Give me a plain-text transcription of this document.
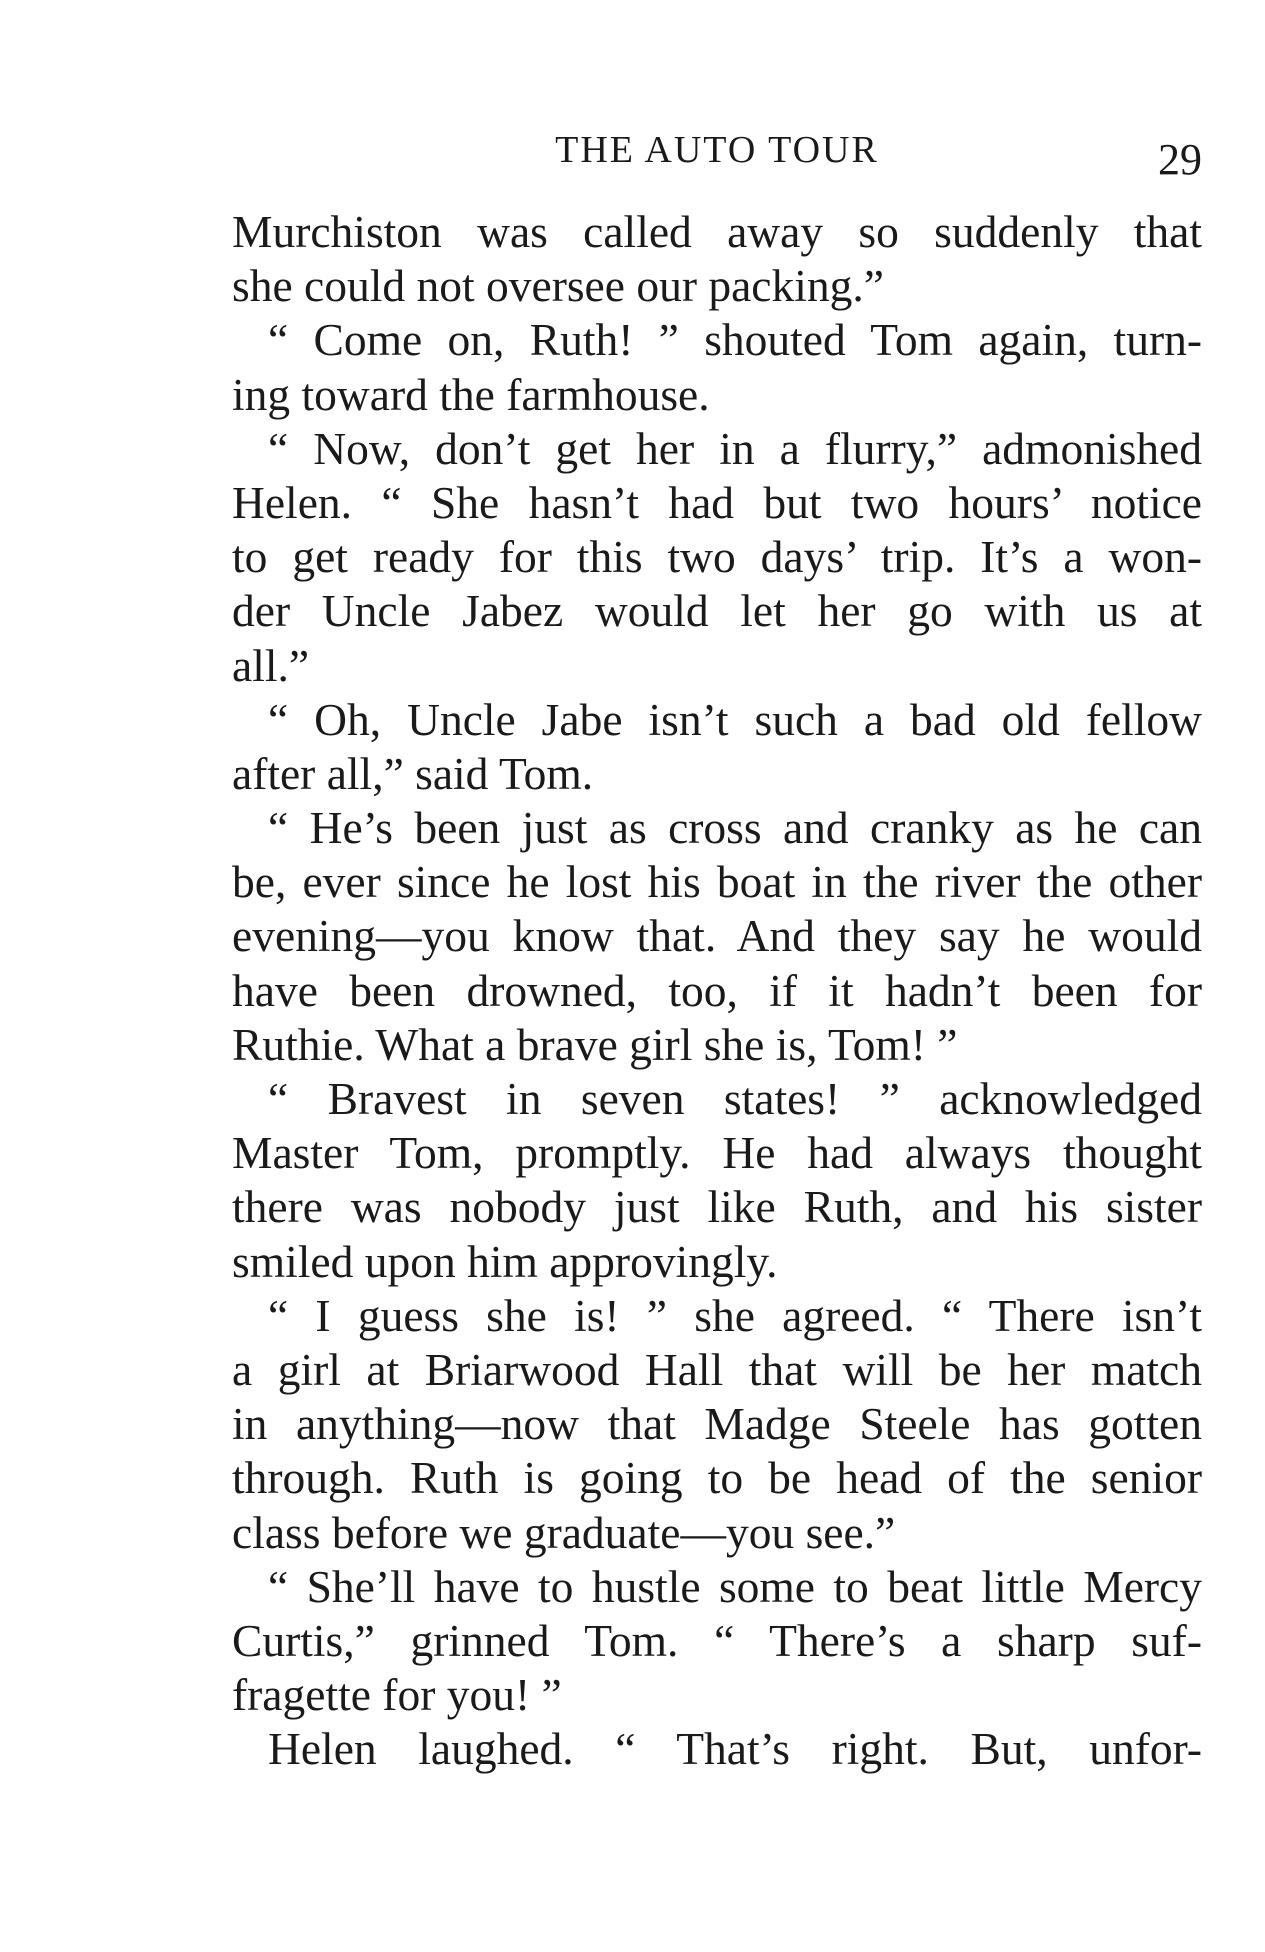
THE AUTO TOUR	29
Murchiston was called away so suddenly that
she could not oversee our packing.”
“ Come on, Ruth! ” shouted Tom again, turn-
ing toward the farmhouse.
“ Now, don’t get her in a flurry,” admonished
Helen. “ She hasn’t had but two hours’ notice
to get ready for this two days’ trip. It’s a won-
der Uncle Jabez would let her go with us at
all.”
“ Oh, Uncle Jabe isn’t such a bad old fellow
after all,” said Tom.
“ He’s been just as cross and cranky as he can
be, ever since he lost his boat in the river the other
evening—you know that. And they say he would
have been drowned, too, if it hadn’t been for
Ruthie. What a brave girl she is, Tom! ”
“ Bravest in seven states! ” acknowledged
Master Tom, promptly. He had always thought
there was nobody just like Ruth, and his sister
smiled upon him approvingly.
“ I guess she is! ” she agreed. “ There isn’t
a girl at Briarwood Hall that will be her match
in anything—now that Madge Steele has gotten
through. Ruth is going to be head of the senior
class before we graduate—you see.”
“ She’ll have to hustle some to beat little Mercy
Curtis,” grinned Tom. “ There’s a sharp suf-
fragette for you! ”
Helen laughed. “ That’s right. But, unfor-
